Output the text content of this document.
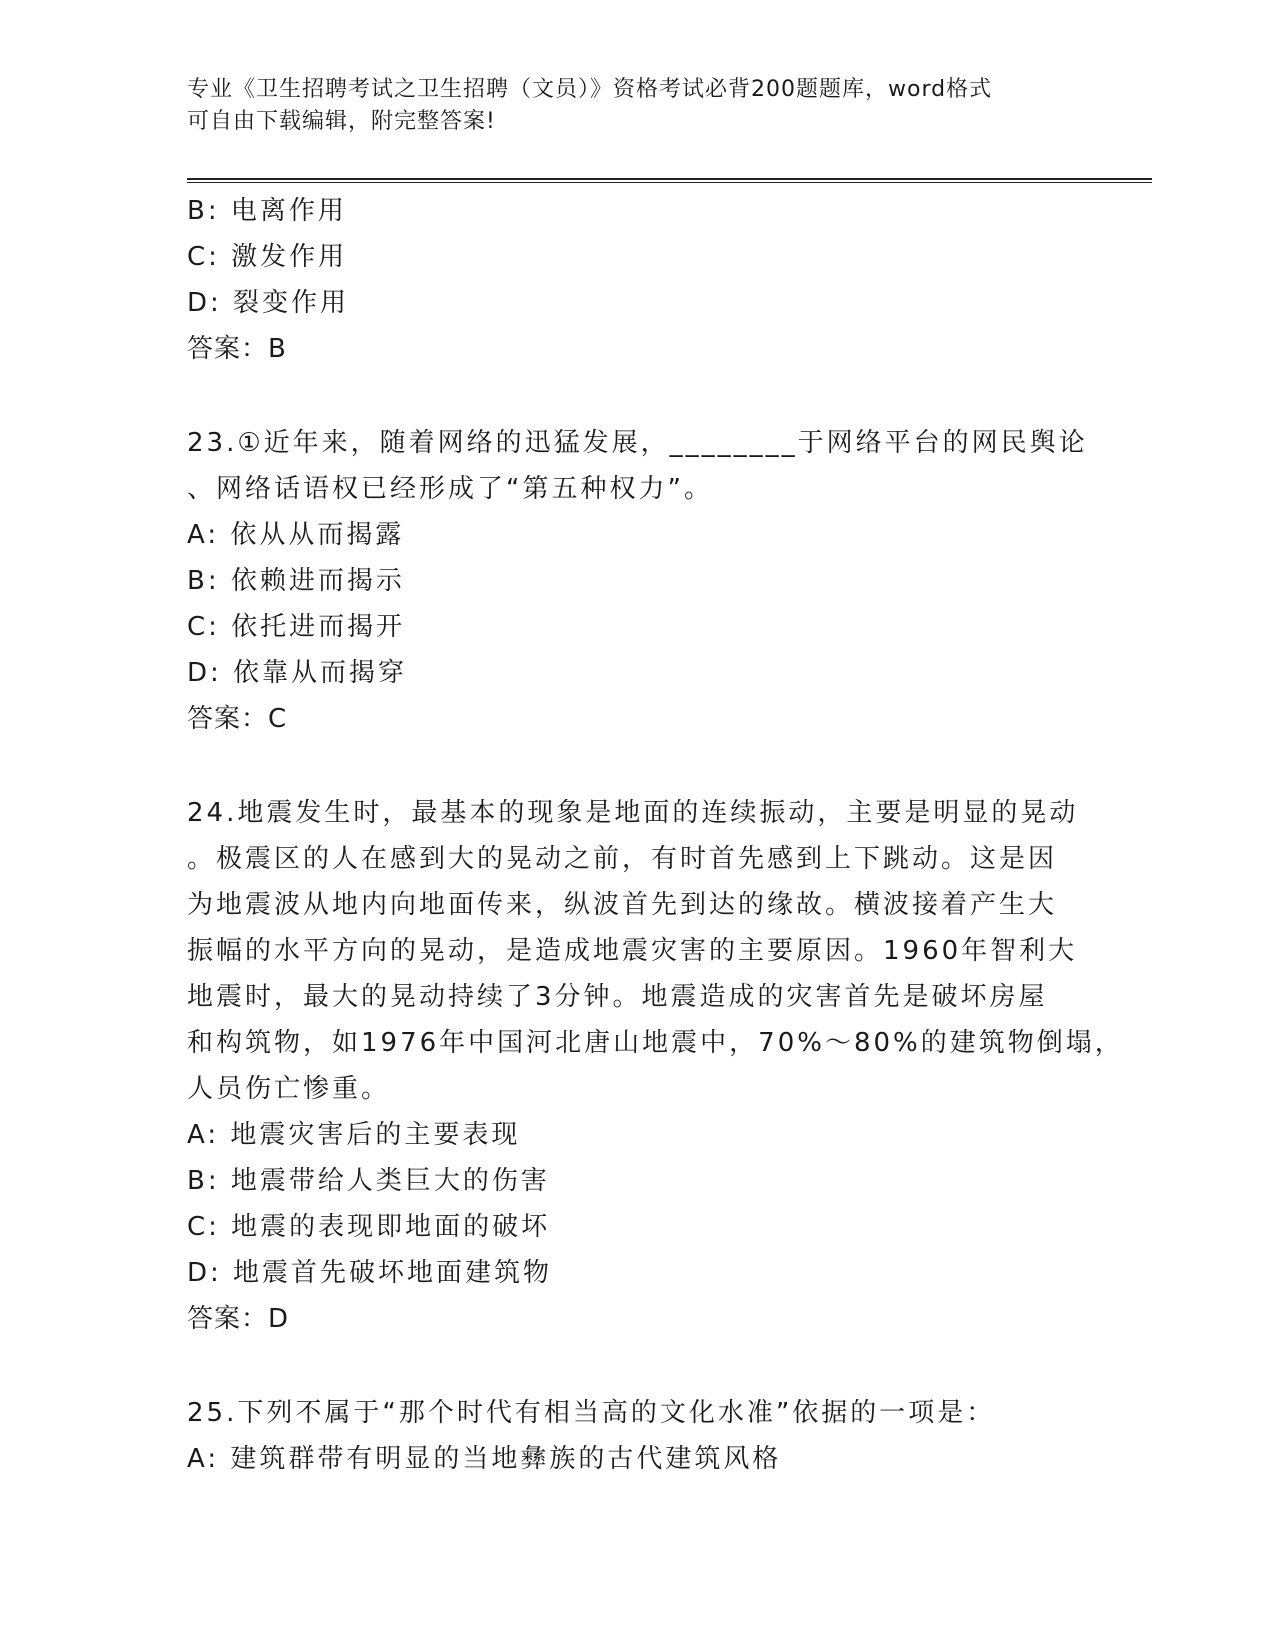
专业《卫生招聘考试之卫生招聘（文员）》资格考试必背200题题库，word格式
可自由下载编辑，附完整答案!
B: 电离作用
C: 激发作用
D: 裂变作用
答案：B
23.①近年来，随着网络的迅猛发展，________于网络平台的网民舆论
、网络话语权已经形成了“第五种权力”。
A: 依从从而揭露
B: 依赖进而揭示
C: 依托进而揭开
D: 依靠从而揭穿
答案：C
24.地震发生时，最基本的现象是地面的连续振动，主要是明显的晃动
。极震区的人在感到大的晃动之前，有时首先感到上下跳动。这是因
为地震波从地内向地面传来，纵波首先到达的缘故。横波接着产生大
振幅的水平方向的晃动，是造成地震灾害的主要原因。1960年智利大
地震时，最大的晃动持续了3分钟。地震造成的灾害首先是破坏房屋
和构筑物，如1976年中国河北唐山地震中，70%～80%的建筑物倒塌，
人员伤亡惨重。
A: 地震灾害后的主要表现
B: 地震带给人类巨大的伤害
C: 地震的表现即地面的破坏
D: 地震首先破坏地面建筑物
答案：D
25.下列不属于“那个时代有相当高的文化水准”依据的一项是：
A: 建筑群带有明显的当地彝族的古代建筑风格
